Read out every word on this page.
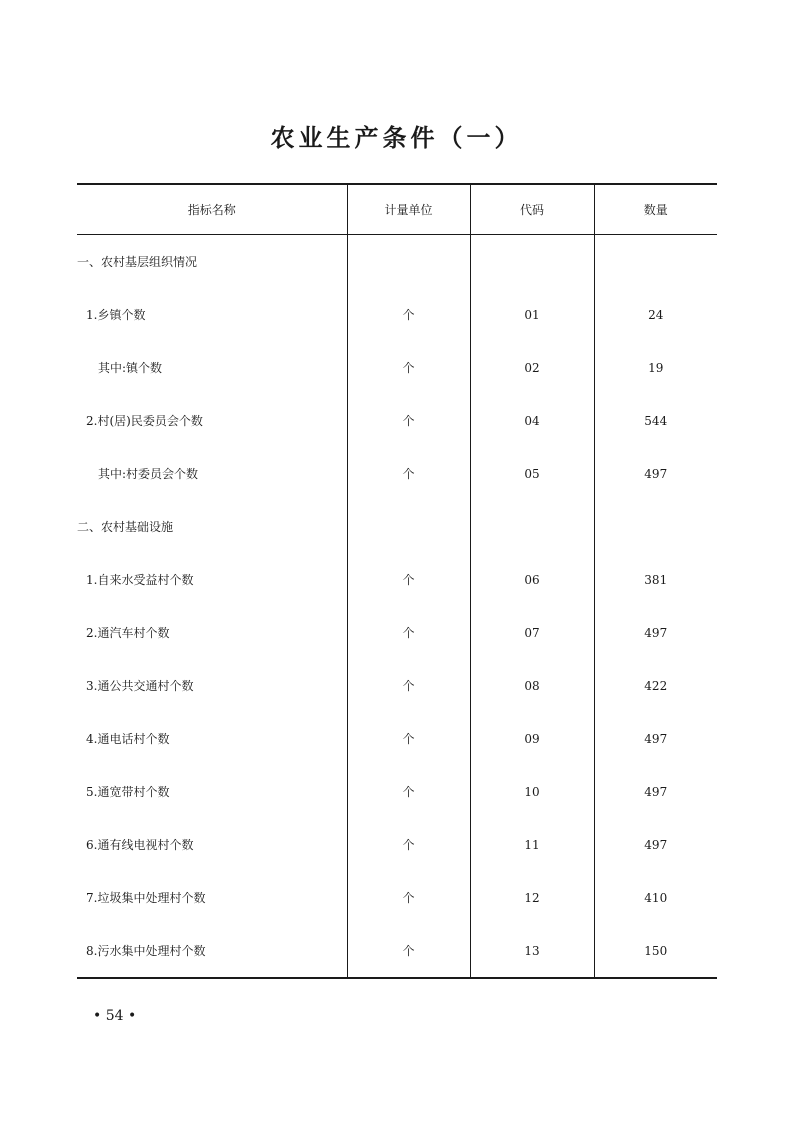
农业生产条件（一）
指标名称	计量单位	代码	数量
一、农村基层组织情况			
1.乡镇个数	个	01	24
其中:镇个数	个	02	19
2.村(居)民委员会个数	个	04	544
其中:村委员会个数	个	05	497
二、农村基础设施			
1.自来水受益村个数	个	06	381
2.通汽车村个数	个	07	497
3.通公共交通村个数	个	08	422
4.通电话村个数	个	09	497
5.通宽带村个数	个	10	497
6.通有线电视村个数	个	11	497
7.垃圾集中处理村个数	个	12	410
8.污水集中处理村个数	个	13	150
• 54 •
